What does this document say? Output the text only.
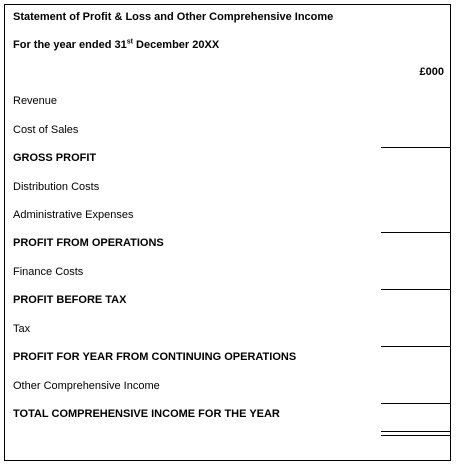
Statement of Profit & Loss and Other Comprehensive Income
For the year ended 31st December 20XX
£000
Revenue
Cost of Sales
GROSS PROFIT
Distribution Costs
Administrative Expenses
PROFIT FROM OPERATIONS
Finance Costs
PROFIT BEFORE TAX
Tax
PROFIT FOR YEAR FROM CONTINUING OPERATIONS
Other Comprehensive Income
TOTAL COMPREHENSIVE INCOME FOR THE YEAR
